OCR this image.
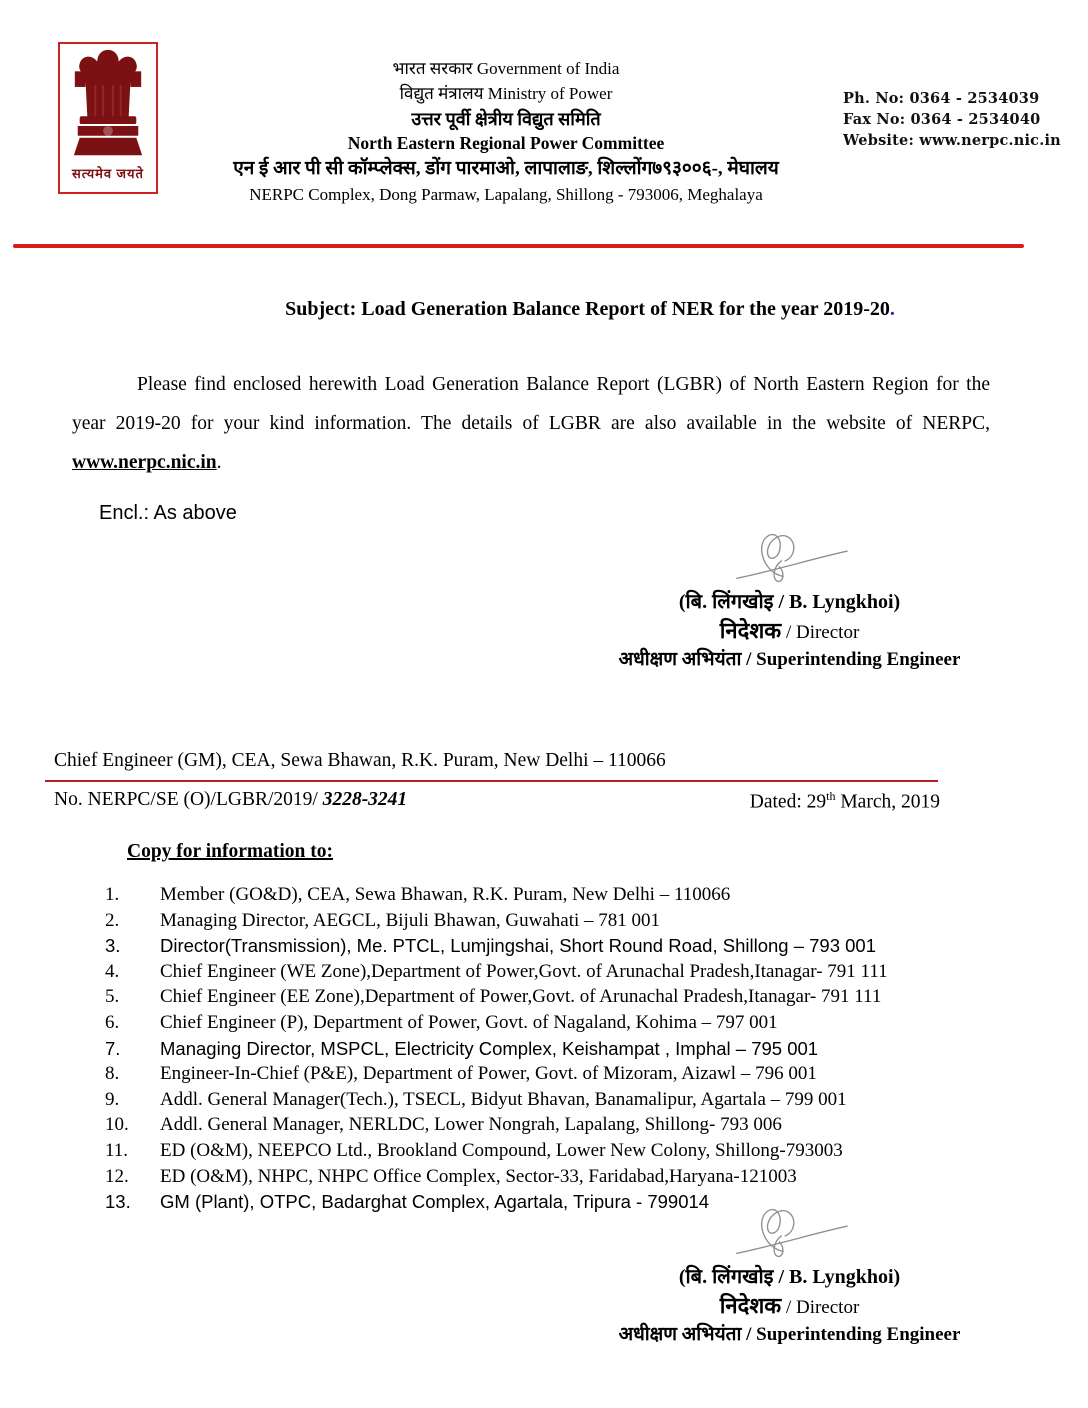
सत्यमेव जयते
भारत सरकार Government of India
विद्युत मंत्रालय Ministry of Power
उत्तर पूर्वी क्षेत्रीय विद्युत समिति
North Eastern Regional Power Committee
एन ई आर पी सी कॉम्प्लेक्स, डोंग पारमाओ, लापालाङ, शिल्लोंग७९३००६-, मेघालय
NERPC Complex, Dong Parmaw, Lapalang, Shillong - 793006, Meghalaya
Ph. No: 0364 - 2534039
Fax No: 0364 - 2534040
Website: www.nerpc.nic.in
Subject: Load Generation Balance Report of NER for the year 2019-20.
Please find enclosed herewith Load Generation Balance Report (LGBR) of North Eastern Region for the year 2019-20 for your kind information. The details of LGBR are also available in the website of NERPC, www.nerpc.nic.in.
Encl.: As above
(बि. लिंगखोइ / B. Lyngkhoi)
निदेशक / Director
अधीक्षण अभियंता / Superintending Engineer
Chief Engineer (GM), CEA, Sewa Bhawan, R.K. Puram, New Delhi – 110066
No. NERPC/SE (O)/LGBR/2019/ 3228-3241	Dated: 29th March, 2019
Copy for information to:
1.	Member (GO&D), CEA, Sewa Bhawan, R.K. Puram, New Delhi – 110066
2.	Managing Director, AEGCL, Bijuli Bhawan, Guwahati – 781 001
3.	Director(Transmission), Me. PTCL, Lumjingshai, Short Round Road, Shillong – 793 001
4.	Chief Engineer (WE Zone),Department of Power,Govt. of Arunachal Pradesh,Itanagar- 791 111
5.	Chief Engineer (EE Zone),Department of Power,Govt. of Arunachal Pradesh,Itanagar- 791 111
6.	Chief Engineer (P), Department of Power, Govt. of Nagaland, Kohima – 797 001
7.	Managing Director, MSPCL, Electricity Complex, Keishampat , Imphal – 795 001
8.	Engineer-In-Chief (P&E), Department of Power, Govt. of Mizoram, Aizawl – 796 001
9.	Addl. General Manager(Tech.), TSECL, Bidyut Bhavan, Banamalipur, Agartala – 799 001
10.	Addl. General Manager, NERLDC, Lower Nongrah, Lapalang, Shillong- 793 006
11.	ED (O&M), NEEPCO Ltd., Brookland Compound, Lower New Colony, Shillong-793003
12.	ED (O&M), NHPC, NHPC Office Complex, Sector-33, Faridabad,Haryana-121003
13.	GM (Plant), OTPC, Badarghat Complex, Agartala, Tripura - 799014
(बि. लिंगखोइ / B. Lyngkhoi)
निदेशक / Director
अधीक्षण अभियंता / Superintending Engineer
